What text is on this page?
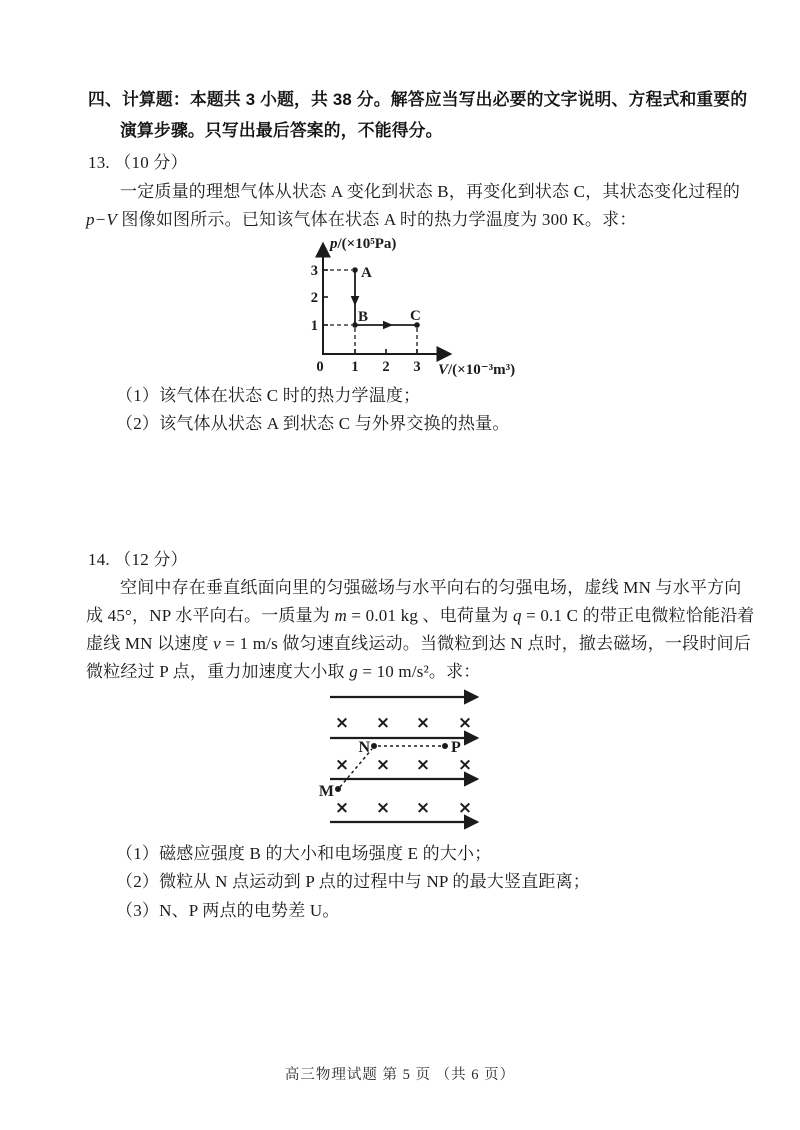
四、计算题：本题共 3 小题，共 38 分。解答应当写出必要的文字说明、方程式和重要的
演算步骤。只写出最后答案的，不能得分。
13. （10 分）
一定质量的理想气体从状态 A 变化到状态 B，再变化到状态 C，其状态变化过程的
p−V 图像如图所示。已知该气体在状态 A 时的热力学温度为 300 K。求：
p/(×10⁵Pa)
V/(×10⁻³m³)
3
2
1
0 1 2 3
A
B	C
（1）该气体在状态 C 时的热力学温度；
（2）该气体从状态 A 到状态 C 与外界交换的热量。
14. （12 分）
空间中存在垂直纸面向里的匀强磁场与水平向右的匀强电场，虚线 MN 与水平方向
成 45°，NP 水平向右。一质量为 m = 0.01 kg 、电荷量为 q = 0.1 C 的带正电微粒恰能沿着
虚线 MN 以速度 v = 1 m/s 做匀速直线运动。当微粒到达 N 点时，撤去磁场，一段时间后
微粒经过 P 点，重力加速度大小取 g = 10 m/s²。求：
× × × ×
× × × ×
× × × ×
N	P
M
（1）磁感应强度 B 的大小和电场强度 E 的大小；
（2）微粒从 N 点运动到 P 点的过程中与 NP 的最大竖直距离；
（3）N、P 两点的电势差 U。
高三物理试题 第 5 页 （共 6 页）
